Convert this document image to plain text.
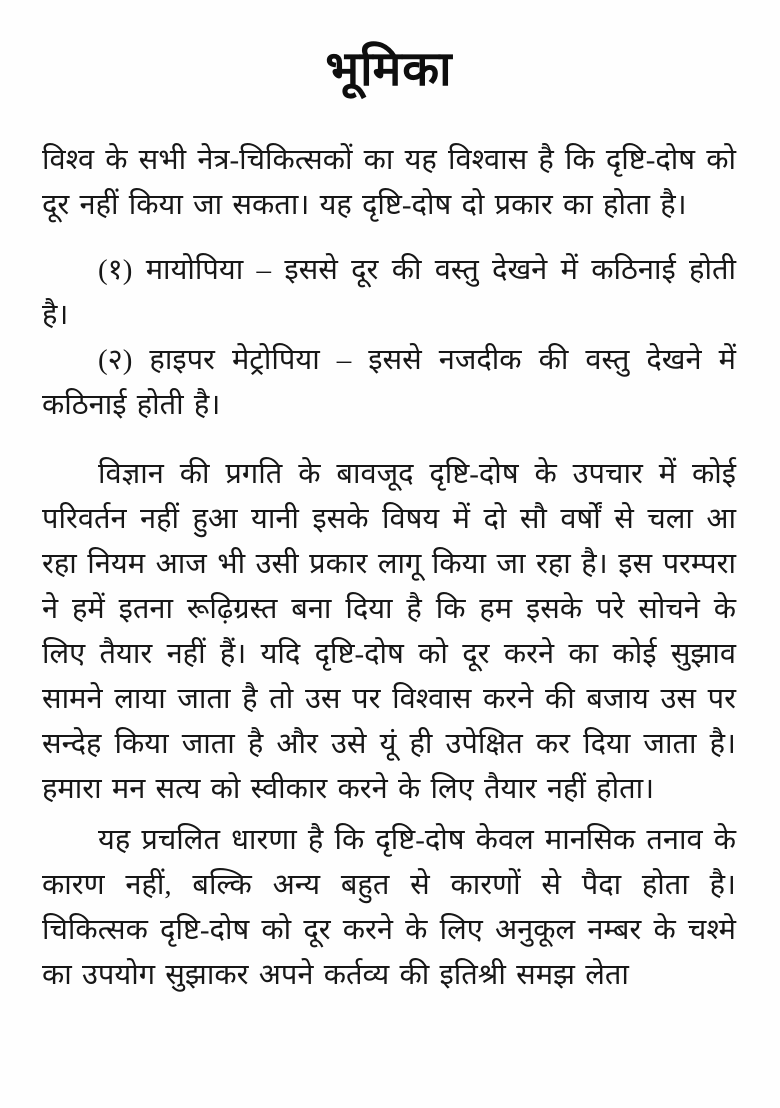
भूमिका

विश्व के सभी नेत्र-चिकित्सकों का यह विश्वास है कि दृष्टि-दोष को दूर नहीं किया जा सकता। यह दृष्टि-दोष दो प्रकार का होता है।

(१) मायोपिया – इससे दूर की वस्तु देखने में कठिनाई होती है।

(२) हाइपर मेट्रोपिया – इससे नजदीक की वस्तु देखने में कठिनाई होती है।

विज्ञान की प्रगति के बावजूद दृष्टि-दोष के उपचार में कोई परिवर्तन नहीं हुआ यानी इसके विषय में दो सौ वर्षों से चला आ रहा नियम आज भी उसी प्रकार लागू किया जा रहा है। इस परम्परा ने हमें इतना रूढ़िग्रस्त बना दिया है कि हम इसके परे सोचने के लिए तैयार नहीं हैं। यदि दृष्टि-दोष को दूर करने का कोई सुझाव सामने लाया जाता है तो उस पर विश्वास करने की बजाय उस पर सन्देह किया जाता है और उसे यूं ही उपेक्षित कर दिया जाता है। हमारा मन सत्य को स्वीकार करने के लिए तैयार नहीं होता।

यह प्रचलित धारणा है कि दृष्टि-दोष केवल मानसिक तनाव के कारण नहीं, बल्कि अन्य बहुत से कारणों से पैदा होता है। चिकित्सक दृष्टि-दोष को दूर करने के लिए अनुकूल नम्बर के चश्मे का उपयोग सुझाकर अपने कर्तव्य की इतिश्री समझ लेता
